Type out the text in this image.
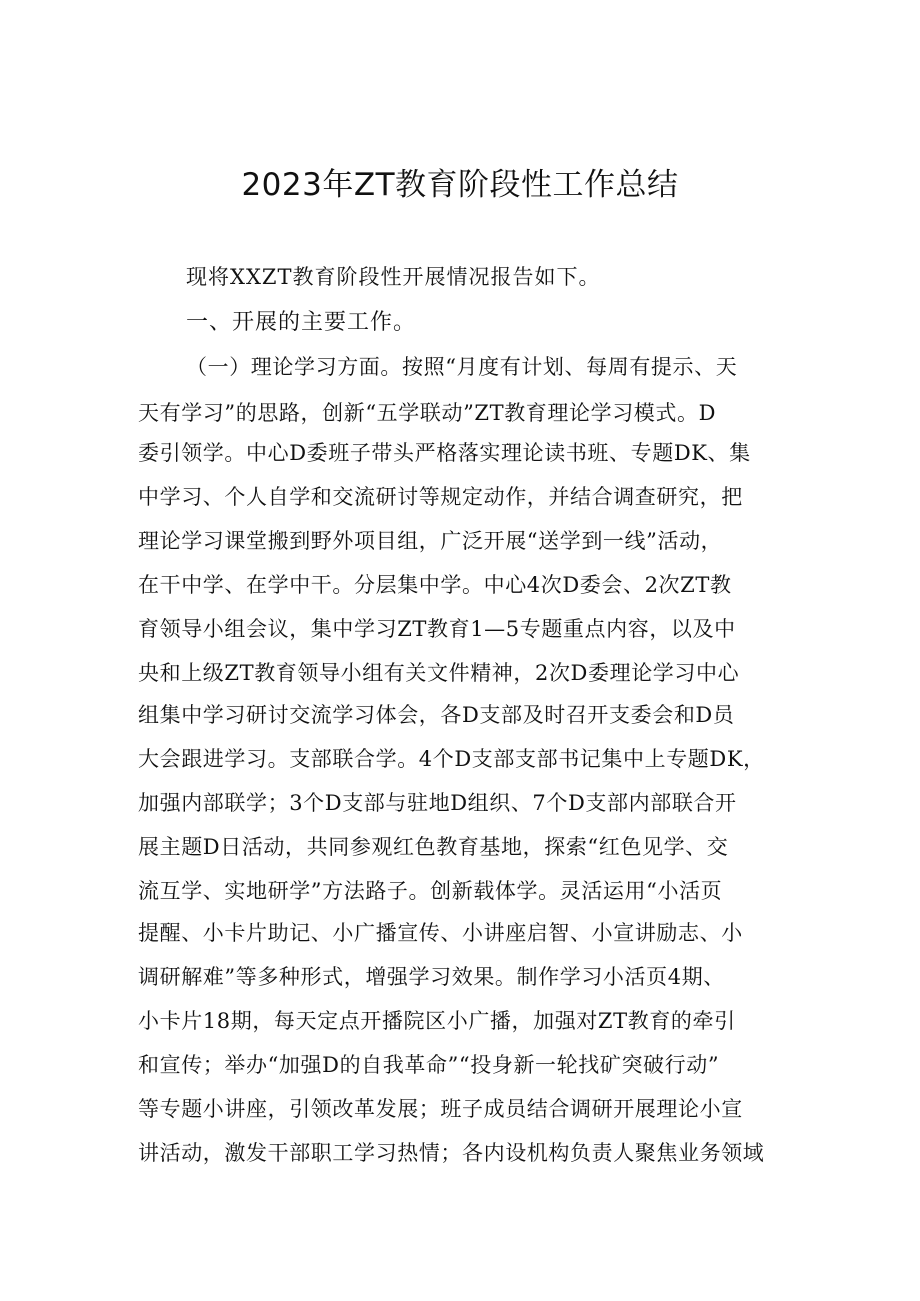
2023年ZT教育阶段性工作总结
现将XXZT教育阶段性开展情况报告如下。
一、开展的主要工作。
（一）理论学习方面。按照“月度有计划、每周有提示、天
天有学习”的思路，创新“五学联动”ZT教育理论学习模式。D
委引领学。中心D委班子带头严格落实理论读书班、专题DK、集
中学习、个人自学和交流研讨等规定动作，并结合调查研究，把
理论学习课堂搬到野外项目组，广泛开展“送学到一线”活动，
在干中学、在学中干。分层集中学。中心4次D委会、2次ZT教
育领导小组会议，集中学习ZT教育1—5专题重点内容，以及中
央和上级ZT教育领导小组有关文件精神，2次D委理论学习中心
组集中学习研讨交流学习体会，各D支部及时召开支委会和D员
大会跟进学习。支部联合学。4个D支部支部书记集中上专题DK，
加强内部联学；3个D支部与驻地D组织、7个D支部内部联合开
展主题D日活动，共同参观红色教育基地，探索“红色见学、交
流互学、实地研学”方法路子。创新载体学。灵活运用“小活页
提醒、小卡片助记、小广播宣传、小讲座启智、小宣讲励志、小
调研解难”等多种形式，增强学习效果。制作学习小活页4期、
小卡片18期，每天定点开播院区小广播，加强对ZT教育的牵引
和宣传；举办“加强D的自我革命”“投身新一轮找矿突破行动”
等专题小讲座，引领改革发展；班子成员结合调研开展理论小宣
讲活动，激发干部职工学习热情；各内设机构负责人聚焦业务领域
